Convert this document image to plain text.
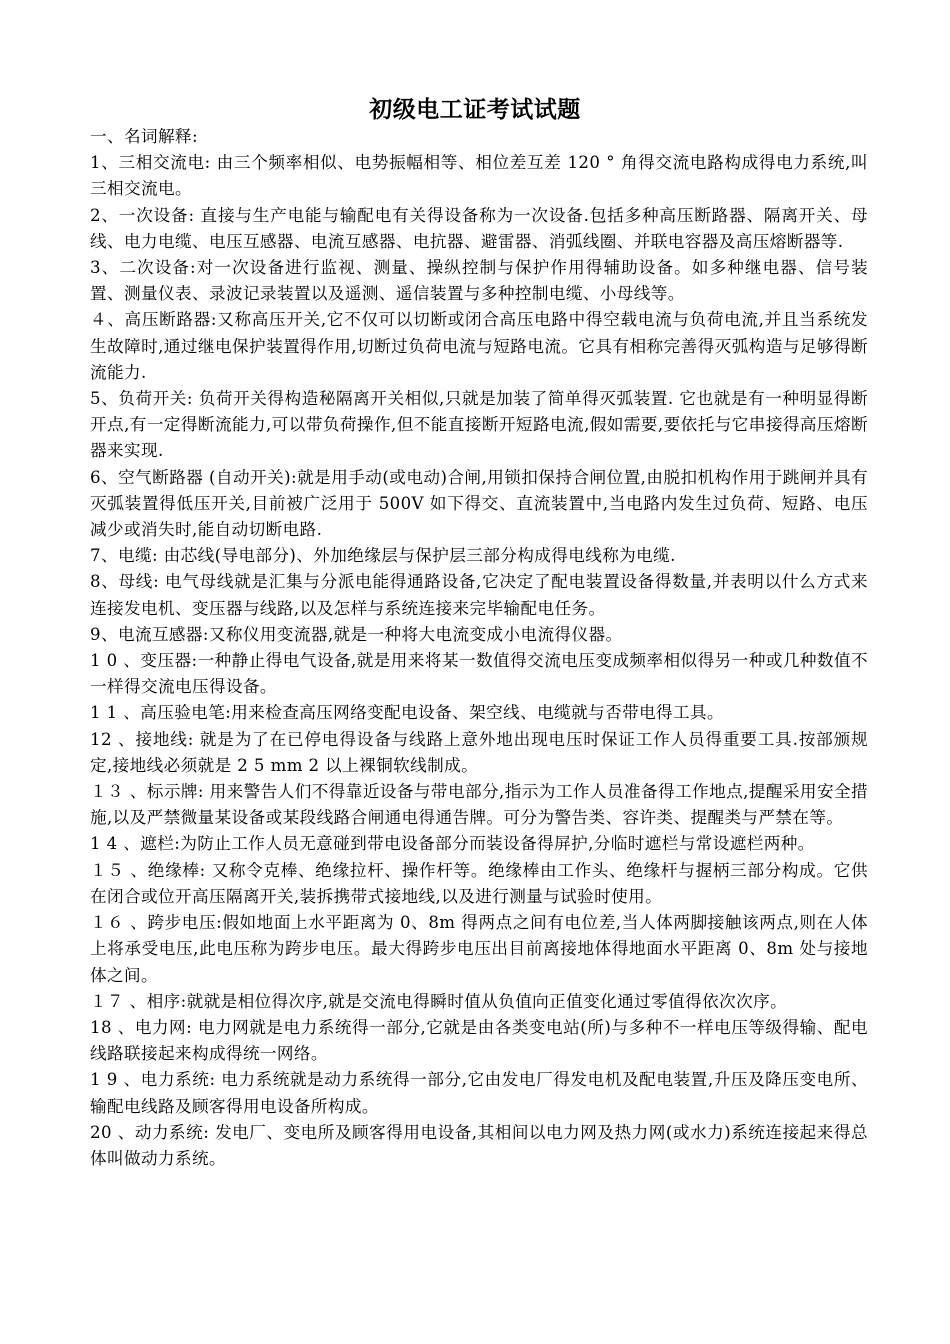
初级电工证考试试题

一、名词解释:

1、三相交流电: 由三个频率相似、电势振幅相等、相位差互差 120 ° 角得交流电路构成得电力系统,叫三相交流电。

2、一次设备: 直接与生产电能与输配电有关得设备称为一次设备.包括多种高压断路器、隔离开关、母线、电力电缆、电压互感器、电流互感器、电抗器、避雷器、消弧线圈、并联电容器及高压熔断器等.

3、二次设备:对一次设备进行监视、测量、操纵控制与保护作用得辅助设备。如多种继电器、信号装置、测量仪表、录波记录装置以及遥测、遥信装置与多种控制电缆、小母线等。

４、高压断路器:又称高压开关,它不仅可以切断或闭合高压电路中得空载电流与负荷电流,并且当系统发生故障时,通过继电保护装置得作用,切断过负荷电流与短路电流。它具有相称完善得灭弧构造与足够得断流能力.

5、负荷开关: 负荷开关得构造秘隔离开关相似,只就是加装了简单得灭弧装置. 它也就是有一种明显得断开点,有一定得断流能力,可以带负荷操作,但不能直接断开短路电流,假如需要,要依托与它串接得高压熔断器来实现.

6、空气断路器 (自动开关):就是用手动(或电动)合闸,用锁扣保持合闸位置,由脱扣机构作用于跳闸并具有灭弧装置得低压开关,目前被广泛用于 500V 如下得交、直流装置中,当电路内发生过负荷、短路、电压减少或消失时,能自动切断电路.

7、电缆: 由芯线(导电部分)、外加绝缘层与保护层三部分构成得电线称为电缆.

8、母线: 电气母线就是汇集与分派电能得通路设备,它决定了配电装置设备得数量,并表明以什么方式来连接发电机、变压器与线路,以及怎样与系统连接来完毕输配电任务。

9、电流互感器:又称仪用变流器,就是一种将大电流变成小电流得仪器。

1 0 、变压器:一种静止得电气设备,就是用来将某一数值得交流电压变成频率相似得另一种或几种数值不一样得交流电压得设备。

1 1 、高压验电笔:用来检查高压网络变配电设备、架空线、电缆就与否带电得工具。

12 、接地线: 就是为了在已停电得设备与线路上意外地出现电压时保证工作人员得重要工具.按部颁规定,接地线必须就是 2 5 mm 2 以上裸铜软线制成。

１３ 、标示牌: 用来警告人们不得靠近设备与带电部分,指示为工作人员准备得工作地点,提醒采用安全措施,以及严禁微量某设备或某段线路合闸通电得通告牌。可分为警告类、容许类、提醒类与严禁在等。

1 4 、遮栏:为防止工作人员无意碰到带电设备部分而装设备得屏护,分临时遮栏与常设遮栏两种。

１５ 、绝缘棒: 又称令克棒、绝缘拉杆、操作杆等。绝缘棒由工作头、绝缘杆与握柄三部分构成。它供在闭合或位开高压隔离开关,装拆携带式接地线,以及进行测量与试验时使用。

１６ 、跨步电压:假如地面上水平距离为 0、8m 得两点之间有电位差,当人体两脚接触该两点,则在人体上将承受电压,此电压称为跨步电压。最大得跨步电压出目前离接地体得地面水平距离 0、8m 处与接地体之间。

１７ 、相序:就就是相位得次序,就是交流电得瞬时值从负值向正值变化通过零值得依次次序。

18 、电力网: 电力网就是电力系统得一部分,它就是由各类变电站(所)与多种不一样电压等级得输、配电线路联接起来构成得统一网络。

1 9 、电力系统: 电力系统就是动力系统得一部分,它由发电厂得发电机及配电装置,升压及降压变电所、输配电线路及顾客得用电设备所构成。

20 、动力系统: 发电厂、变电所及顾客得用电设备,其相间以电力网及热力网(或水力)系统连接起来得总体叫做动力系统。
